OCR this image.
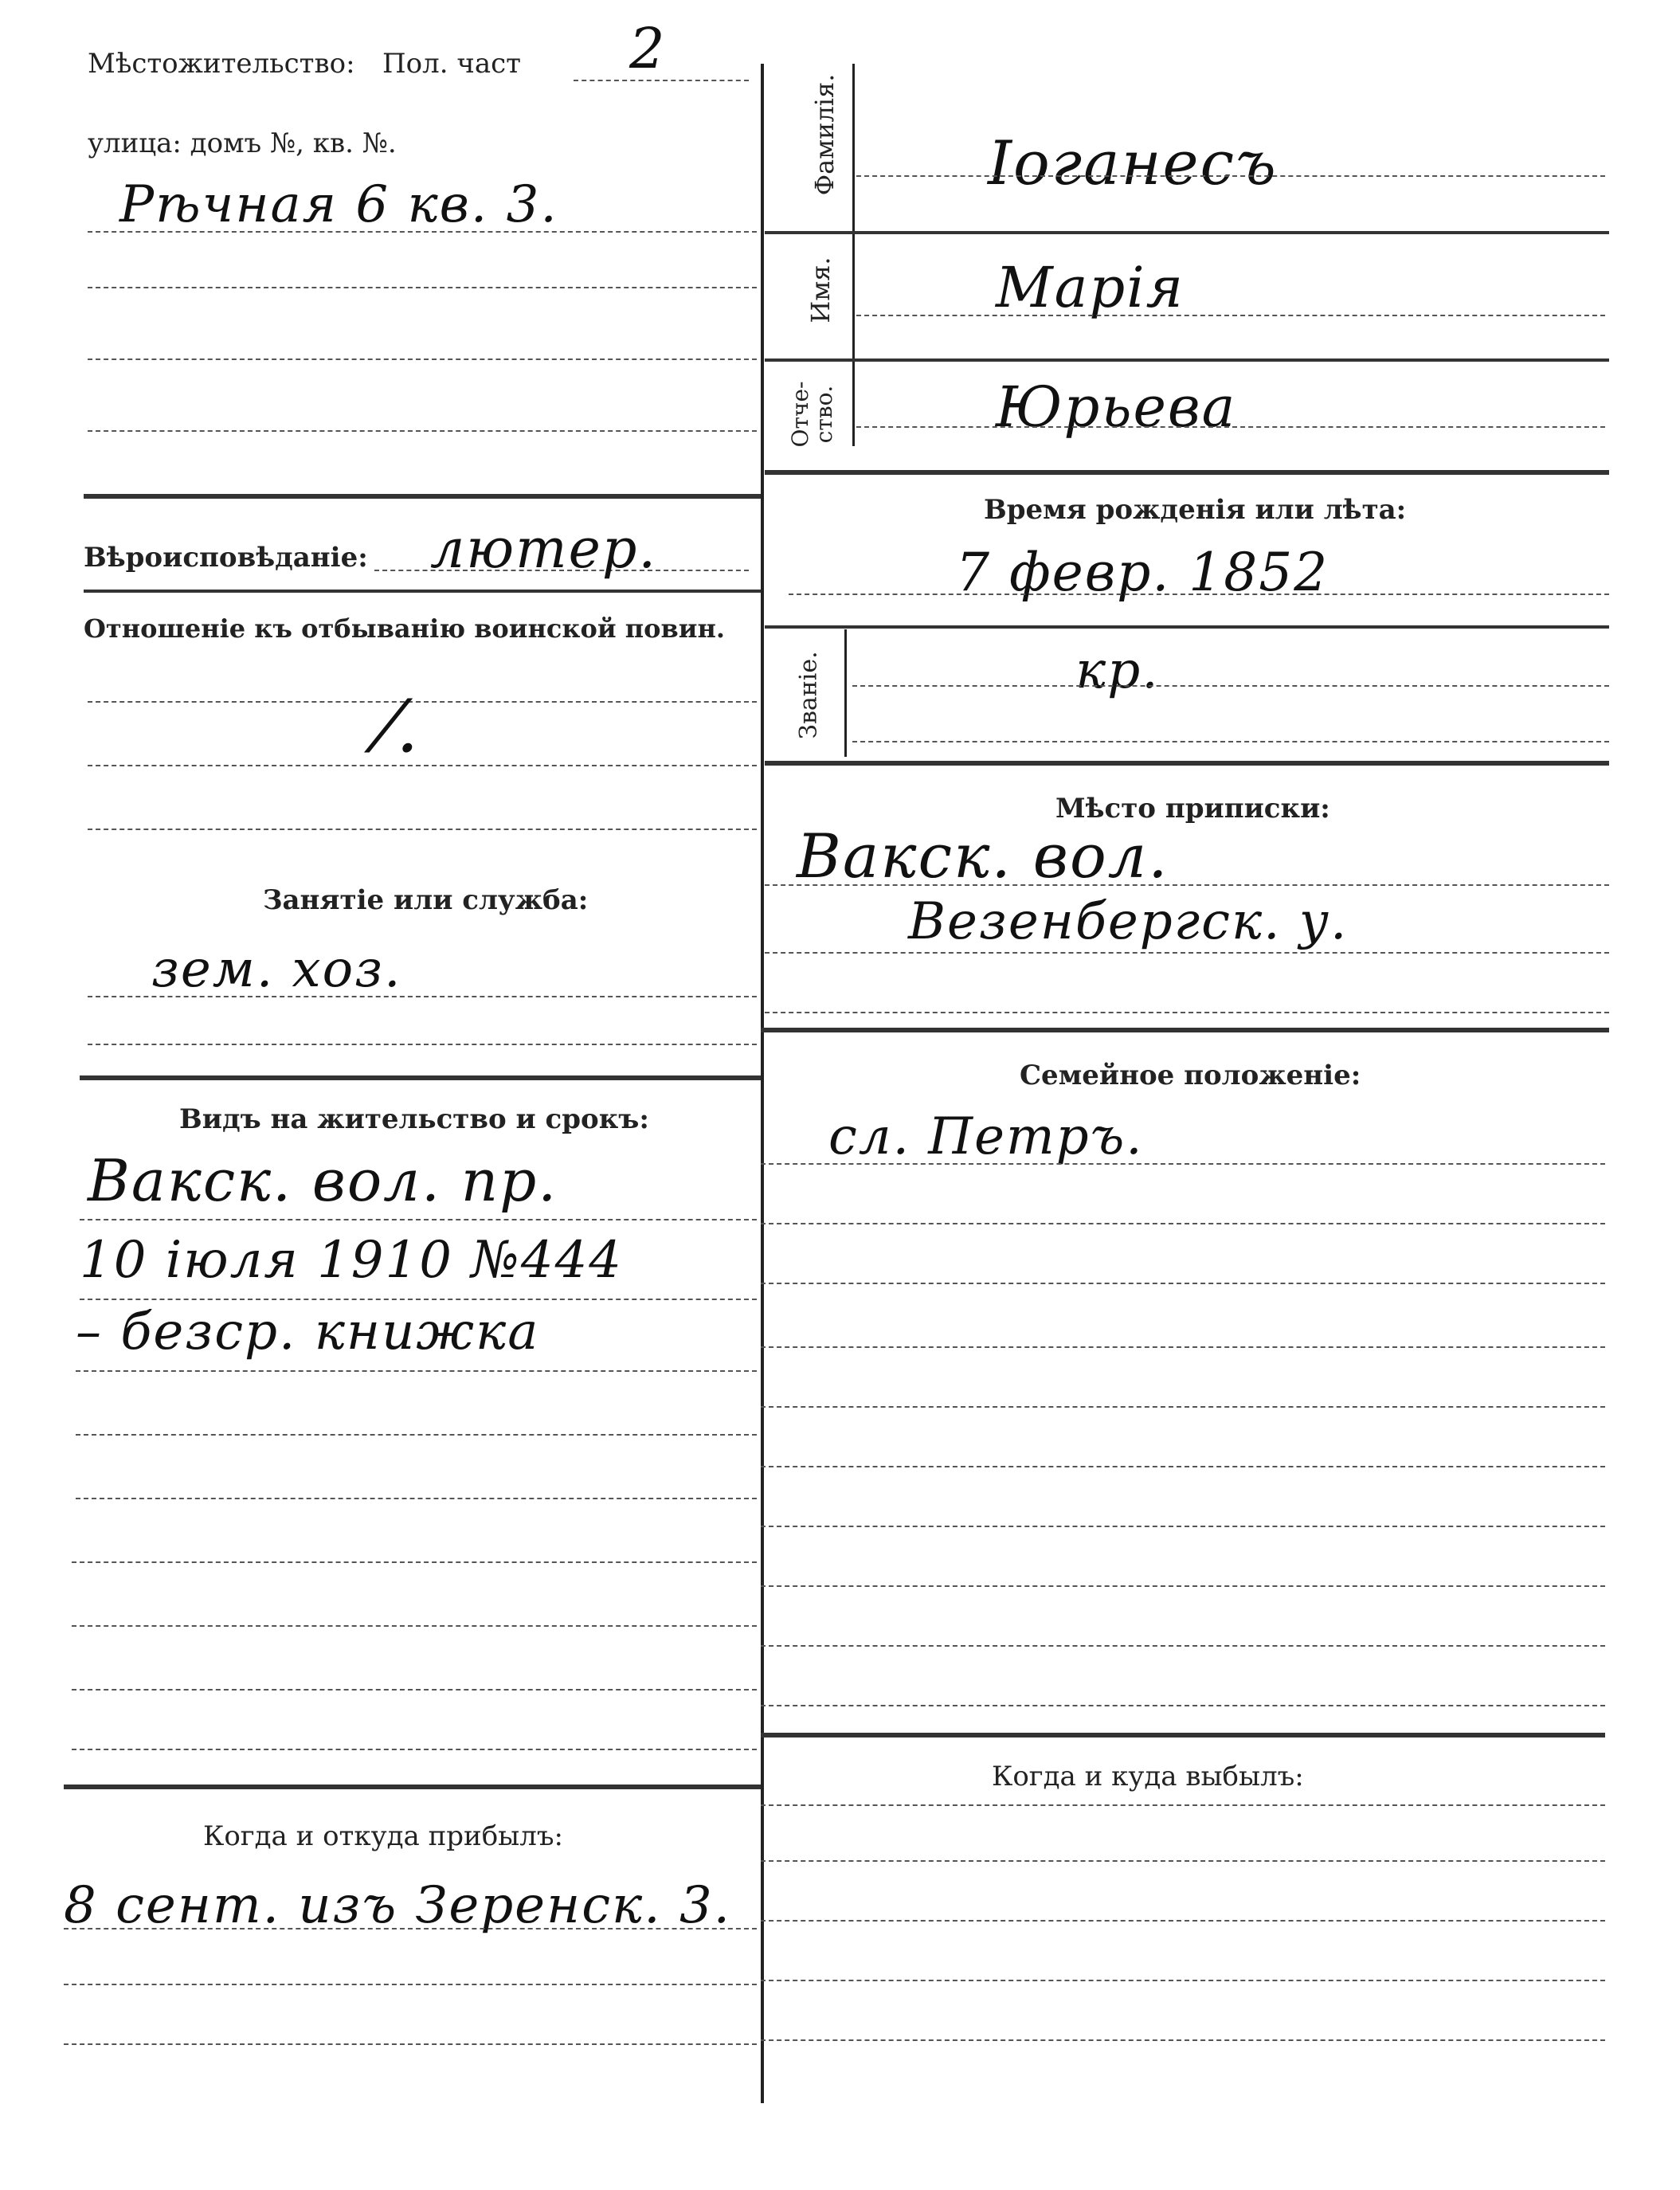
Мѣстожительство: Пол. част 2
улица: домъ №, кв. №.
Рѣчная 6 кв. 3.
Вѣроисповѣданіе: лютер.
Отношеніе къ отбыванію воинской повин.
⁄.
Занятіе или служба:
зем. хоз.
Видъ на жительство и срокъ:
Вакск. вол. пр.
10 іюля 1910 №444
– безср. книжка
Когда и откуда прибылъ:
8 сент. изъ Зеренск. 3.
Фамилія. Іоганесъ
Имя.	Марія
Отче-ство.	Юрьева
Время рожденія или лѣта:
7 февр. 1852
Званіе.	кр.
Мѣсто приписки:
Вакск. вол.
Везенбергск. у.
Семейное положеніе:
сл. Петръ.
Когда и куда выбылъ:
